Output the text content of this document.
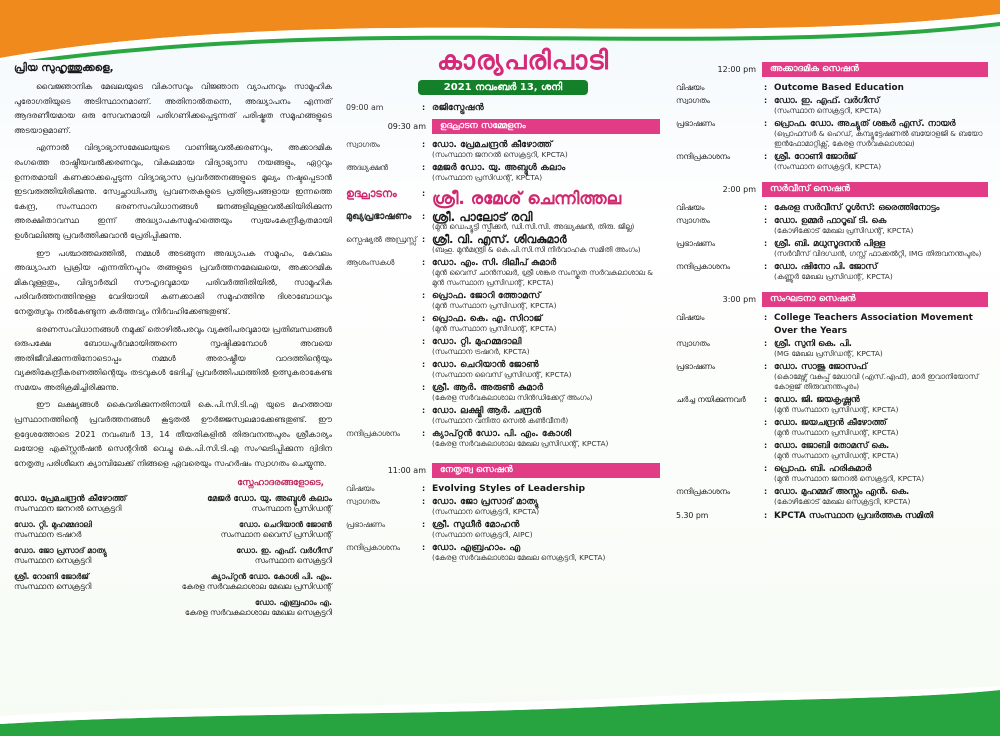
പ്രിയ സുഹൃത്തുക്കളെ,

വൈജ്ഞാനിക മേഖലയുടെ വികാസവും വിജ്ഞാന വ്യാപനവും സാമൂഹിക പുരോഗതിയുടെ അടിസ്ഥാനമാണ്. അതിനാൽതന്നെ, അദ്ധ്യാപനം എന്നത് ആദരണീയമായ ഒരു സേവനമായി പരിഗണിക്കപ്പെടുന്നത് പരിഷ്കൃത സമൂഹങ്ങളുടെ അടയാളമാണ്.

എന്നാൽ വിദ്യാഭ്യാസമേഖലയുടെ വാണിജ്യവൽക്കരണവും, അക്കാദമിക രംഗത്തെ രാഷ്ട്രീയവൽക്കരണവും, വികലമായ വിദ്യാഭ്യാസ നയങ്ങളും, ഏറ്റവും ഉന്നതമായി കണക്കാക്കപ്പെടുന്ന വിദ്യാഭ്യാസ പ്രവർത്തനങ്ങളുടെ മൂല്യം നഷ്ടപ്പെടാൻ ഇടവരുത്തിയിരിക്കുന്നു. സ്വേച്ഛാധിപത്യ പ്രവണതകളുടെ പ്രതിരൂപങ്ങളായ ഇന്നത്തെ കേന്ദ്ര, സംസ്ഥാന ഭരണസംവിധാനങ്ങൾ ജനങ്ങളിലുള്ളവൽക്കിയിരിക്കുന്ന അരക്ഷിതാവസ്ഥ ഇന്ന് അദ്ധ്യാപകസമൂഹത്തെയും സ്വയംകേന്ദ്രീകൃതമായി ഉൾവലിഞ്ഞു പ്രവർത്തിക്കുവാൻ പ്രേരിപ്പിക്കുന്നു.

ഈ പശ്ചാത്തലത്തിൽ, നമ്മൾ അടങ്ങുന്ന അദ്ധ്യാപക സമൂഹം, കേവലം അദ്ധ്യാപന പ്രക്രിയ എന്നതിനപ്പുറം തങ്ങളുടെ പ്രവർത്തനമേഖലയെ, അക്കാദമിക മികവുള്ളതും, വിദ്യാർത്ഥി സൗഹൃദവുമായ പരിവർത്തിതിയിൽ, സാമൂഹിക പരിവർത്തനത്തിനുള്ള വേദിയായി കണക്കാക്കി സമൂഹത്തിനു ദിശാബോധവും നേതൃത്വവും നൽകേണ്ടുന്ന കർത്തവ്യം നിർവഹിക്കേണ്ടതുണ്ട്.

ഭരണസംവിധാനങ്ങൾ നമുക്ക് തൊഴിൽപരവും വ്യക്തിപരവുമായ പ്രതിബന്ധങ്ങൾ ഒരുപക്ഷേ ബോധപൂർവമായിത്തന്നെ സൃഷ്ടിക്കുമ്പോൾ അവയെ അതിജീവിക്കുന്നതിനോടൊപ്പം നമ്മൾ അരാഷ്ട്രീയ വാദത്തിന്റെയും വ്യക്തികേന്ദ്രീകരണത്തിന്റെയും തടവുകൾ ഭേദിച്ച് പ്രവർത്തിപഥത്തിൽ ഉത്സുകരാകേണ്ട സമയം അതിക്രമിച്ചിരിക്കുന്നു.

ഈ ലക്ഷ്യങ്ങൾ കൈവരിക്കുന്നതിനായി കെ.പി.സി.ടി.എ യുടെ മഹത്തായ പ്രസ്ഥാനത്തിന്റെ പ്രവർത്തനങ്ങൾ കൂടുതൽ ഊർജ്ജസ്വലമാക്കേണ്ടതുണ്ട്. ഈ ഉദ്ദേശത്തോടെ 2021 നവംബർ 13, 14 തീയതികളിൽ തിരുവനന്തപുരം ശ്രീകാര്യം ലയോള എക്സ്റ്റൻഷൻ സെന്ററിൽ വെച്ചു കെ.പി.സി.ടി.എ സംഘടിപ്പിക്കുന്ന ദ്വിദിന നേതൃത്വ പരിശീലന ക്യാമ്പിലേക്ക് നിങ്ങളെ ഏവരെയും സഹർഷം സ്വാഗതം ചെയ്യുന്നു.

സ്നേഹാദരങ്ങളോടെ,
ഡോ. പ്രേമചന്ദ്രൻ കീഴോത്ത്
സംസ്ഥാന ജനറൽ സെക്രട്ടറി
മേജർ ഡോ. യു. അബ്ദുൾ കലാം
സംസ്ഥാന പ്രസിഡന്റ്
ഡോ. റ്റി. മുഹമ്മദാലി
സംസ്ഥാന ട്രഷറർ
ഡോ. ചെറിയാൻ ജോൺ
സംസ്ഥാന വൈസ് പ്രസിഡന്റ്
ഡോ. ജോ പ്രസാദ് മാത്യു
സംസ്ഥാന സെക്രട്ടറി
ഡോ. ഇ. എഫ്. വർഗീസ്
സംസ്ഥാന സെക്രട്ടറി
ശ്രീ. റോണി ജോർജ്
സംസ്ഥാന സെക്രട്ടറി
ക്യാപ്റ്റൻ ഡോ. കോശി പി. എം.
കേരള സർവകലാശാല മേഖല പ്രസിഡന്റ്
ഡോ. എബ്രഹാം എ.
കേരള സർവകലാശാല മേഖല സെക്രട്ടറി
കാര്യപരിപാടി
2021 നവംബർ 13, ശനി
09:00 am	: രജിസ്ട്രേഷൻ
09:30 am	ഉദ്ഘാടന സമ്മേളനം
സ്വാഗതം	: ഡോ. പ്രേമചന്ദ്രൻ കീഴോത്ത്
(സംസ്ഥാന ജനറൽ സെക്രട്ടറി, KPCTA)
അദ്ധ്യക്ഷൻ	: മേജർ ഡോ. യു. അബ്ദുൾ കലാം
(സംസ്ഥാന പ്രസിഡന്റ്, KPCTA)
ഉദ്ഘാടനം	: ശ്രീ. രമേശ് ചെന്നിത്തല
മുഖ്യപ്രഭാഷണം	: ശ്രീ. പാലോട് രവി
(മുൻ ഡെപ്യൂട്ടി സ്പീക്കർ, ഡി.സി.സി. അദ്ധ്യക്ഷൻ, തിരു. ജില്ല)
സ്പെഷ്യൽ അഡ്രസ്സ് : ശ്രീ. വി. എസ്. ശിവകുമാർ
(ബഹു. മുൻമന്ത്രി & കെ.പി.സി.സി നിർവാഹക സമിതി അംഗം)
ആശംസകൾ	: ഡോ. എം. സി. ദിലീപ് കുമാർ
(മുൻ വൈസ് ചാൻസലർ, ശ്രീ ശങ്കര സംസ്കൃത സർവകലാശാല & മുൻ സംസ്ഥാന പ്രസിഡന്റ്, KPCTA)
: പ്രൊഫ. ജോറി ത്തോമസ്
(മുൻ സംസ്ഥാന പ്രസിഡന്റ്, KPCTA)
: പ്രൊഫ. കെ. എ. സിറാജ്
(മുൻ സംസ്ഥാന പ്രസിഡന്റ്, KPCTA)
: ഡോ. റ്റി. മുഹമ്മദാലി
(സംസ്ഥാന ട്രഷറർ, KPCTA)
: ഡോ. ചെറിയാൻ ജോൺ
(സംസ്ഥാന വൈസ് പ്രസിഡന്റ്, KPCTA)
: ശ്രീ. ആർ. അരുൺ കുമാർ
(കേരള സർവകലാശാല സിൻഡിക്കേറ്റ് അംഗം)
: ഡോ. ലക്ഷ്മി ആർ. ചന്ദ്രൻ
(സംസ്ഥാന വനിതാ സെൽ കൺവീനർ)
നന്ദിപ്രകാശനം	: ക്യാപ്റ്റൻ ഡോ. പി. എം. കോശി
(കേരള സർവകലാശാല മേഖല പ്രസിഡന്റ്, KPCTA)
11:00 am	നേതൃത്വ സെഷൻ
വിഷയം	: Evolving Styles of Leadership
സ്വാഗതം	: ഡോ. ജോ പ്രസാദ് മാത്യു
(സംസ്ഥാന സെക്രട്ടറി, KPCTA)
പ്രഭാഷണം	: ശ്രീ. സുധീർ മോഹൻ
(സംസ്ഥാന സെക്രട്ടറി, AIPC)
നന്ദിപ്രകാശനം	: ഡോ. എബ്രഹാം. എ
(കേരള സർവകലാശാല മേഖല സെക്രട്ടറി, KPCTA)
12:00 pm	അക്കാദമിക സെഷൻ
വിഷയം	: Outcome Based Education
സ്വാഗതം	: ഡോ. ഇ. എഫ്. വർഗീസ്
(സംസ്ഥാന സെക്രട്ടറി, KPCTA)
പ്രഭാഷണം	: പ്രൊഫ. ഡോ. അച്യുത് ശങ്കർ എസ്. നായർ
(പ്രൊഫസർ & ഹെഡ്, കമ്പ്യൂട്ടേഷണൽ ബയോളജി & ബയോ ഇൻഫോമാറ്റിക്സ്, കേരള സർവകലാശാല)
നന്ദിപ്രകാശനം	: ശ്രീ. റോണി ജോർജ്
(സംസ്ഥാന സെക്രട്ടറി, KPCTA)
2:00 pm	സർവീസ് സെഷൻ
വിഷയം	: കേരള സർവീസ് റൂൾസ്: ഒരെത്തിനോട്ടം
സ്വാഗതം	: ഡോ. ഉമ്മർ ഫാറൂഖ് ടി. കെ
(കോഴിക്കോട് മേഖല പ്രസിഡന്റ്, KPCTA)
പ്രഭാഷണം	: ശ്രീ. ബി. മധുസൂദനൻ പിള്ള
(സർവീസ് വിദഗ്ധൻ, ഗസ്റ്റ് ഫാക്കൽറ്റി, IMG തിരുവനന്തപുരം)
നന്ദിപ്രകാശനം	: ഡോ. ഷിനോ പി. ജോസ്
(കണ്ണൂർ മേഖല പ്രസിഡന്റ്, KPCTA)
3:00 pm	സംഘടനാ സെഷൻ
വിഷയം	: College Teachers Association Movement
Over the Years
സ്വാഗതം	: ശ്രീ. സുനി കെ. പി.
(MG മേഖല പ്രസിഡന്റ്, KPCTA)
പ്രഭാഷണം	: ഡോ. സാജു ജോസഫ്
(കൊമേഴ്സ് വകുപ്പ് മേധാവി (എസ്.എഫ്), മാർ ഇവാനിയോസ് കോളജ് തിരുവനന്തപുരം)
ചർച്ച നയിക്കുന്നവർ	: ഡോ. ജി. ജയകൃഷ്ണൻ
(മുൻ സംസ്ഥാന പ്രസിഡന്റ്, KPCTA)
: ഡോ. ജയചന്ദ്രൻ കീഴോത്ത്
(മുൻ സംസ്ഥാന പ്രസിഡന്റ്, KPCTA)
: ഡോ. ജോബി തോമസ് കെ.
(മുൻ സംസ്ഥാന പ്രസിഡന്റ്, KPCTA)
: പ്രൊഫ. ബി. ഹരികുമാർ
(മുൻ സംസ്ഥാന ജനറൽ സെക്രട്ടറി, KPCTA)
നന്ദിപ്രകാശനം	: ഡോ. മുഹമ്മദ് അസ്ലം എൻ. കെ.
(കോഴിക്കോട് മേഖല സെക്രട്ടറി, KPCTA)
5.30 pm	: KPCTA സംസ്ഥാന പ്രവർത്തക സമിതി
